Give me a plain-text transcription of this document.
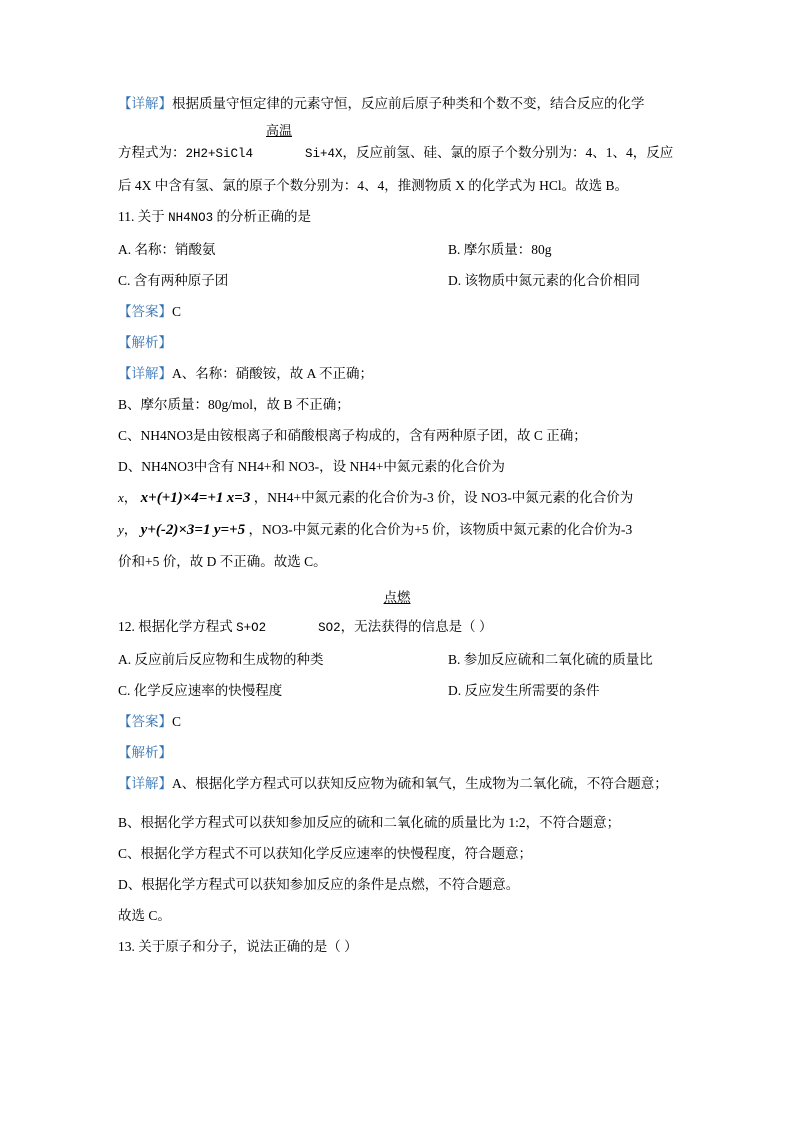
【详解】根据质量守恒定律的元素守恒，反应前后原子种类和个数不变，结合反应的化学
方程式为：2H2+SiCl4
高温
Si+4X，反应前氢、硅、氯的原子个数分别为：4、1、4，反应
后 4X 中含有氢、氯的原子个数分别为：4、4，推测物质 X 的化学式为 HCl。故选 B。
11. 关于 NH4NO3 的分析正确的是
A. 名称：销酸氨	B. 摩尔质量：80g
C. 含有两种原子团	D. 该物质中氮元素的化合价相同
【答案】C
【解析】
【详解】A、名称：硝酸铵，故 A 不正确；
B、摩尔质量：80g/mol，故 B 不正确；
C、NH4NO3是由铵根离子和硝酸根离子构成的，含有两种原子团，故 C 正确；
D、NH4NO3中含有 NH4+和 NO3-，设 NH4+中氮元素的化合价为
x， x+(+1)×4=+1 x=3 ，NH4+中氮元素的化合价为-3 价，设 NO3-中氮元素的化合价为
y， y+(-2)×3=1 y=+5 ，NO3-中氮元素的化合价为+5 价，该物质中氮元素的化合价为-3
价和+5 价，故 D 不正确。故选 C。
点燃
12. 根据化学方程式 S+O2	SO2，无法获得的信息是（ ）
A. 反应前后反应物和生成物的种类	B. 参加反应硫和二氧化硫的质量比
C. 化学反应速率的快慢程度	D. 反应发生所需要的条件
【答案】C
【解析】
【详解】A、根据化学方程式可以获知反应物为硫和氧气，生成物为二氧化硫，不符合题意；
B、根据化学方程式可以获知参加反应的硫和二氧化硫的质量比为 1:2，不符合题意；
C、根据化学方程式不可以获知化学反应速率的快慢程度，符合题意；
D、根据化学方程式可以获知参加反应的条件是点燃，不符合题意。
故选 C。
13. 关于原子和分子，说法正确的是（ ）
